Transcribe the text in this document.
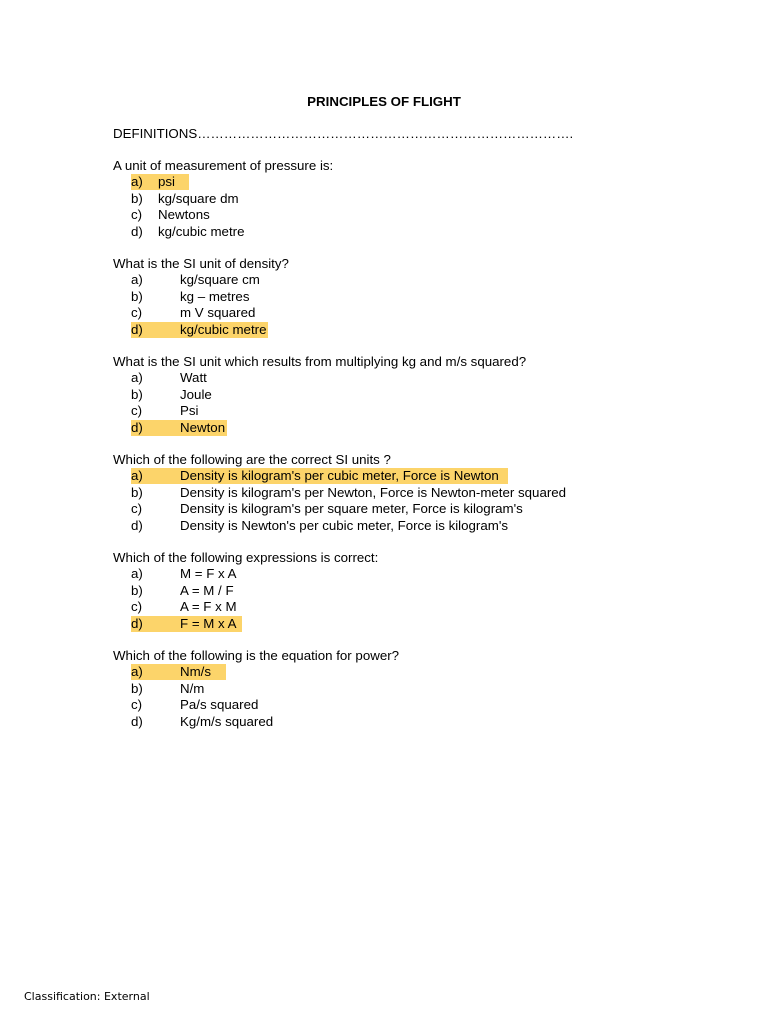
PRINCIPLES OF FLIGHT
DEFINITIONS………………………………………………………………………….
A unit of measurement of pressure is:
a) psi
b) kg/square dm
c) Newtons
d) kg/cubic metre
What is the SI unit of density?
a)	kg/square cm
b)	kg – metres
c)	m V squared
d)	kg/cubic metre
What is the SI unit which results from multiplying kg and m/s squared?
a)	Watt
b)	Joule
c)	Psi
d)	Newton
Which of the following are the correct SI units ?
a)	Density is kilogram's per cubic meter, Force is Newton
b)	Density is kilogram's per Newton, Force is Newton-meter squared
c)	Density is kilogram's per square meter, Force is kilogram's
d)	Density is Newton's per cubic meter, Force is kilogram's
Which of the following expressions is correct:
a)	M = F x A
b)	A = M / F
c)	A = F x M
d)	F = M x A
Which of the following is the equation for power?
a)	Nm/s
b)	N/m
c)	Pa/s squared
d)	Kg/m/s squared
Classification: External
